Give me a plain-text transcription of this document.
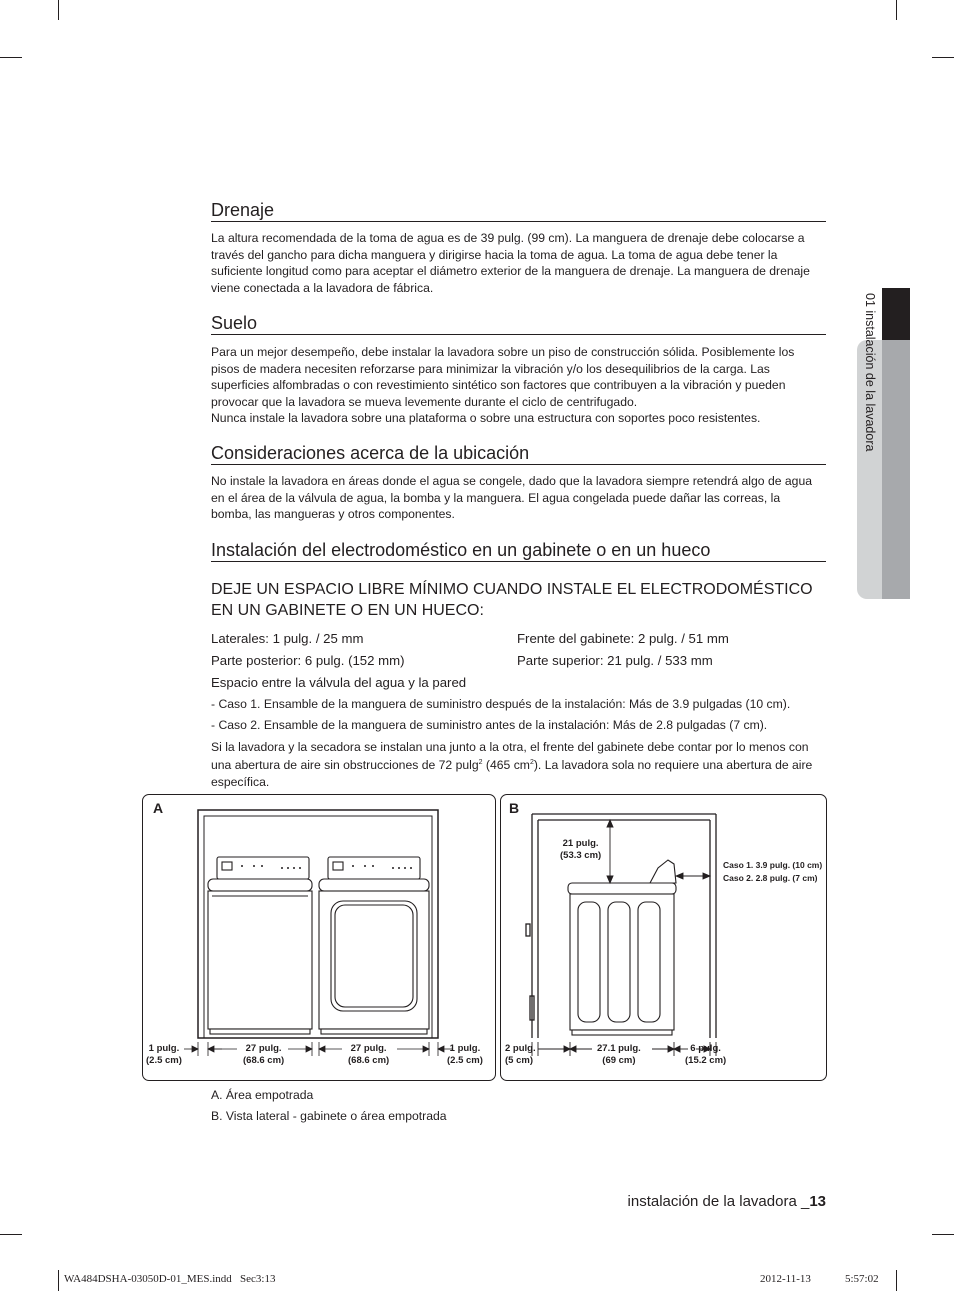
Drenaje

La altura recomendada de la toma de agua es de 39 pulg. (99 cm). La manguera de drenaje debe colocarse a través del gancho para dicha manguera y dirigirse hacia la toma de agua. La toma de agua debe tener la suficiente longitud como para aceptar el diámetro exterior de la manguera de drenaje. La manguera de drenaje viene conectada a la lavadora de fábrica.

Suelo

Para un mejor desempeño, debe instalar la lavadora sobre un piso de construcción sólida. Posiblemente los pisos de madera necesiten reforzarse para minimizar la vibración y/o los desequilibrios de la carga. Las superficies alfombradas o con revestimiento sintético son factores que contribuyen a la vibración y pueden provocar que la lavadora se mueva levemente durante el ciclo de centrifugado.

Nunca instale la lavadora sobre una plataforma o sobre una estructura con soportes poco resistentes.

Consideraciones acerca de la ubicación

No instale la lavadora en áreas donde el agua se congele, dado que la lavadora siempre retendrá algo de agua en el área de la válvula de agua, la bomba y la manguera. El agua congelada puede dañar las correas, la bomba, las mangueras y otros componentes.

Instalación del electrodoméstico en un gabinete o en un hueco
DEJE UN ESPACIO LIBRE MÍNIMO CUANDO INSTALE EL ELECTRODOMÉSTICO
EN UN GABINETE O EN UN HUECO:
Laterales: 1 pulg. / 25 mm	Frente del gabinete: 2 pulg. / 51 mm
Parte posterior: 6 pulg. (152 mm)	Parte superior: 21 pulg. / 533 mm
Espacio entre la válvula del agua y la pared
- Caso 1. Ensamble de la manguera de suministro después de la instalación: Más de 3.9 pulgadas (10 cm).
- Caso 2. Ensamble de la manguera de suministro antes de la instalación: Más de 2.8 pulgadas (7 cm).
Si la lavadora y la secadora se instalan una junto a la otra, el frente del gabinete debe contar por lo menos con una abertura de aire sin obstrucciones de 72 pulg$^2$ (465 $cm^2$). La lavadora sola no requiere una abertura de aire específica.
A
1 pulg.
(2.5 cm)
27 pulg.
(68.6 cm)
27 pulg.
(68.6 cm)
1 pulg.
(2.5 cm)
B
21 pulg.
(53.3 cm)
Caso 1. 3.9 pulg. (10 cm)
Caso 2. 2.8 pulg. (7 cm)
2 pulg.
(5 cm)
27.1 pulg.
(69 cm)
6 pulg.
(15.2 cm)
A. Área empotrada
B. Vista lateral - gabinete o área empotrada
01 instalación de la lavadora
instalación de la lavadora _13
WA484DSHA-03050D-01_MES.indd   Sec3:13	2012-11-13	5:57:02
